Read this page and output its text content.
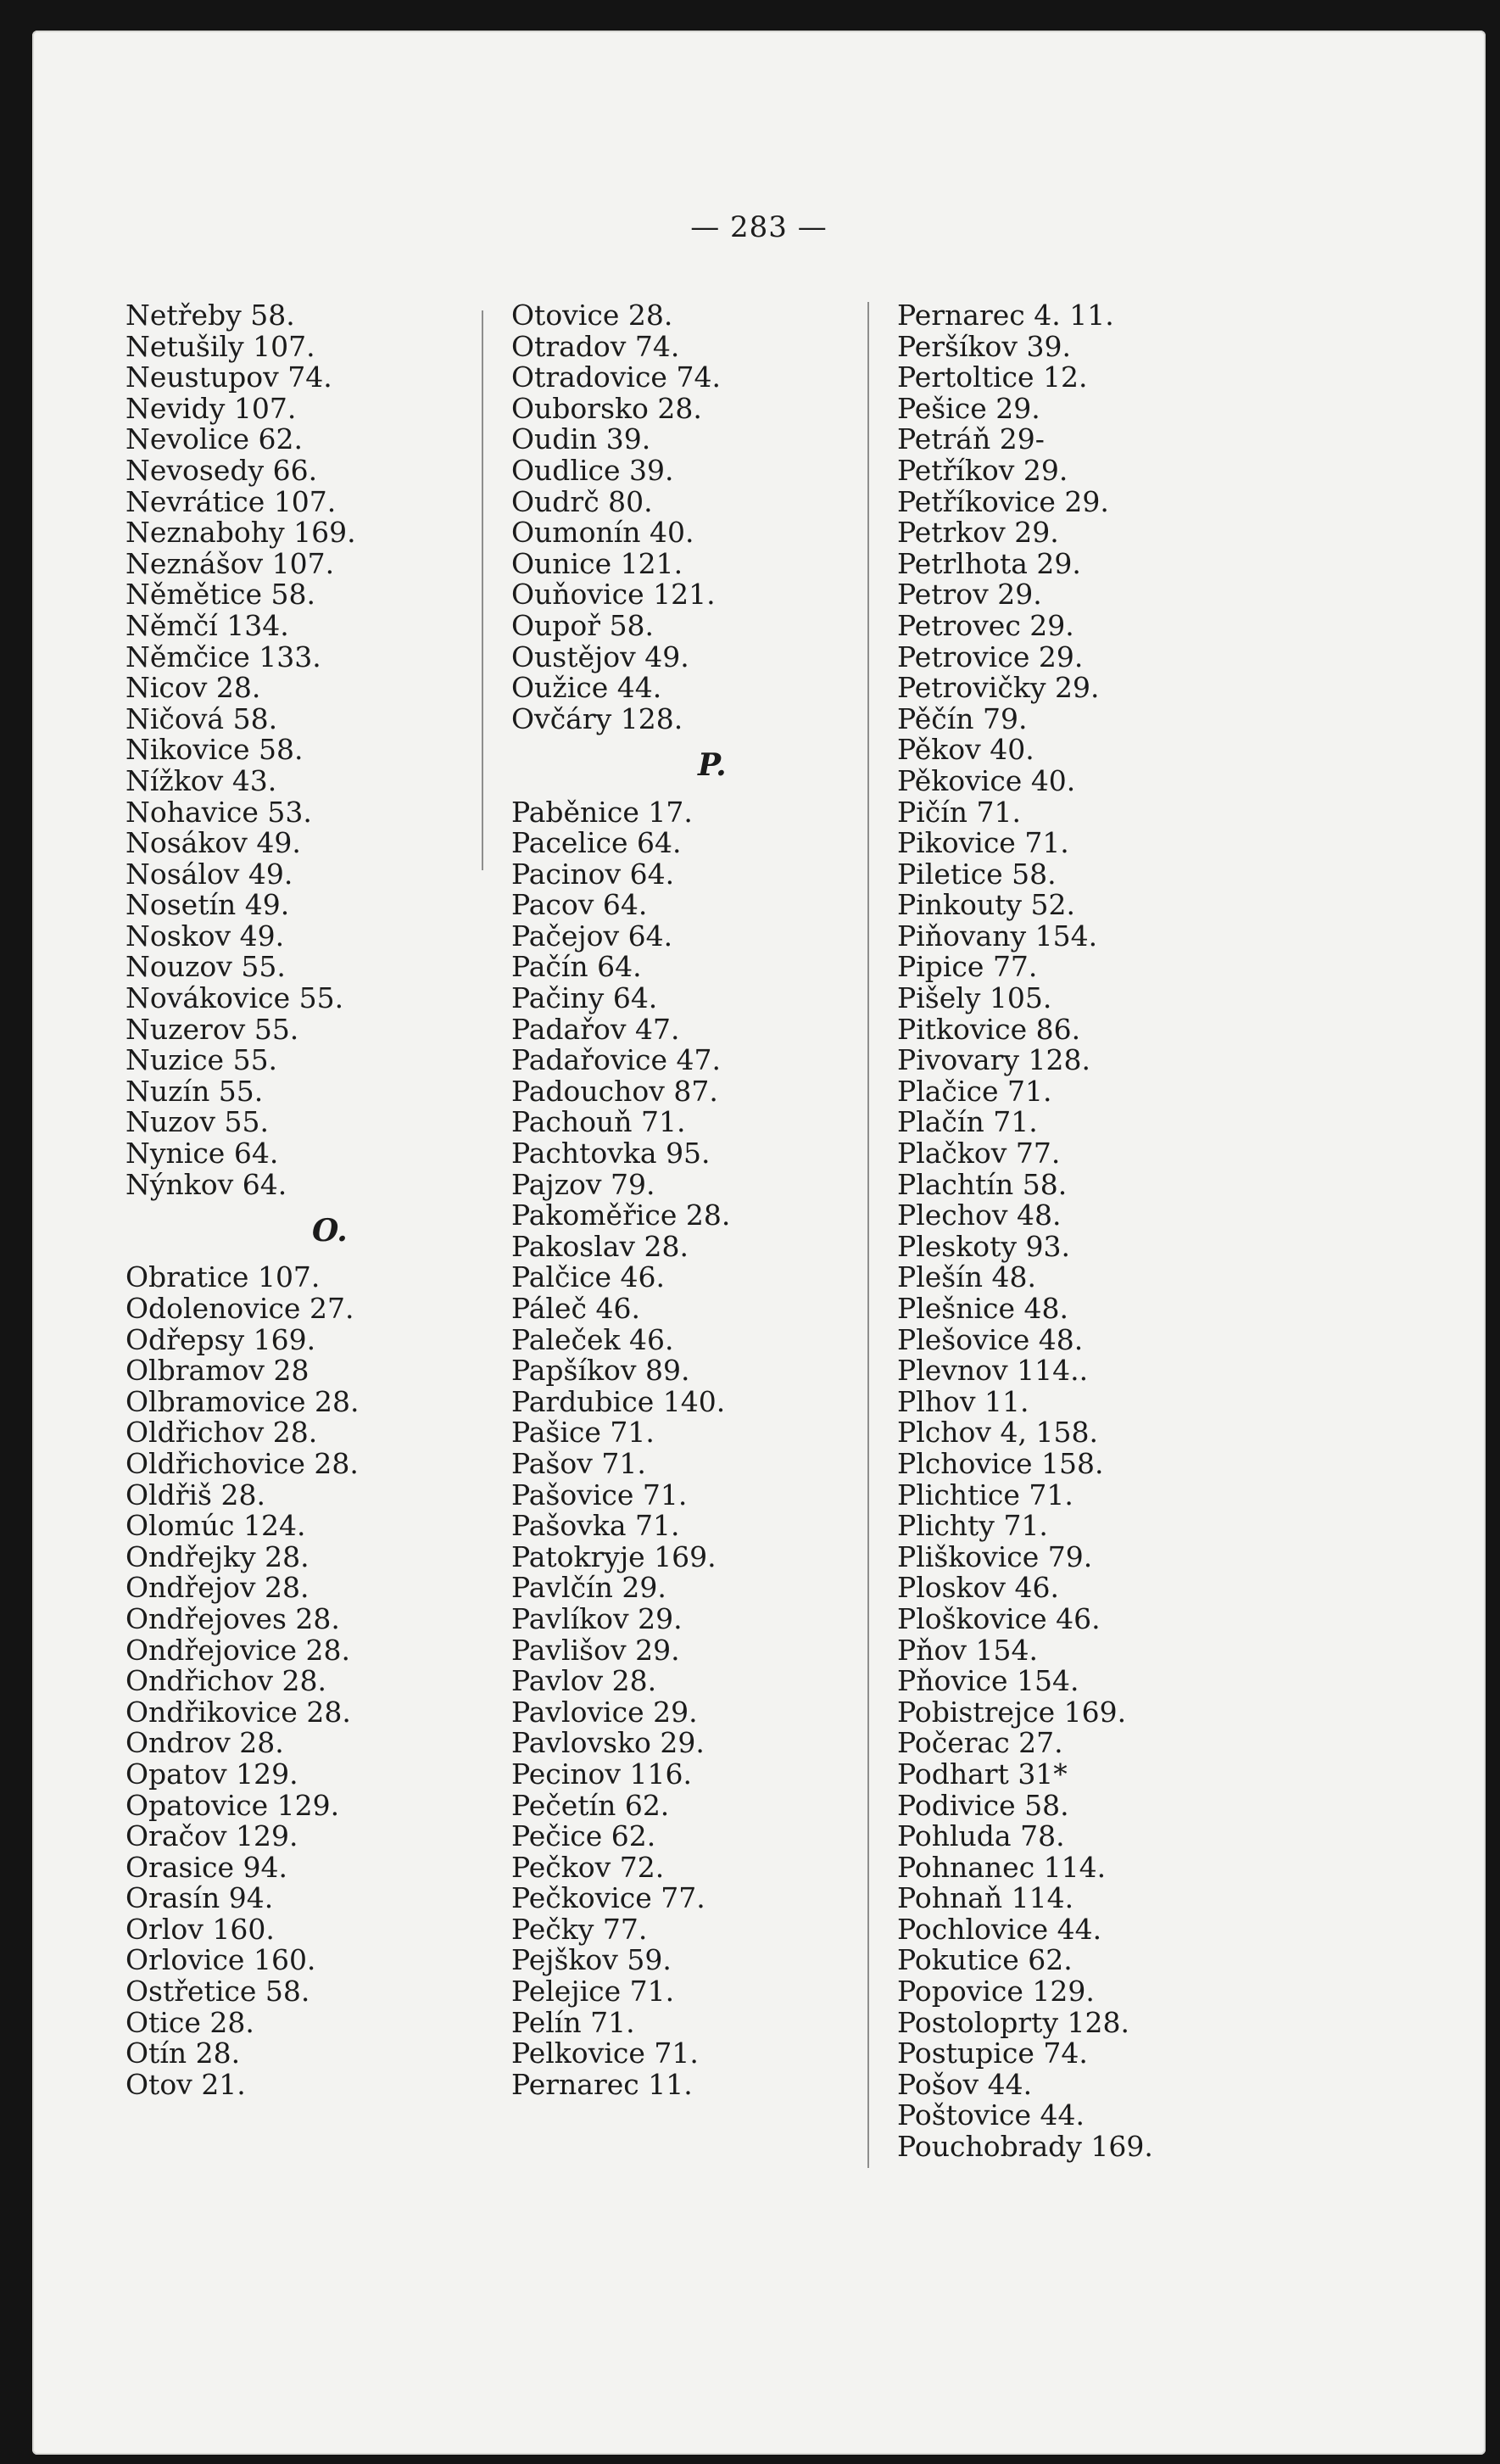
— 283 —
Netřeby 58.
Netušily 107.
Neustupov 74.
Nevidy 107.
Nevolice 62.
Nevosedy 66.
Nevrátice 107.
Neznabohy 169.
Neznášov 107.
Němětice 58.
Němčí 134.
Němčice 133.
Nicov 28.
Ničová 58.
Nikovice 58.
Nížkov 43.
Nohavice 53.
Nosákov 49.
Nosálov 49.
Nosetín 49.
Noskov 49.
Nouzov 55.
Novákovice 55.
Nuzerov 55.
Nuzice 55.
Nuzín 55.
Nuzov 55.
Nynice 64.
Nýnkov 64.
O.
Obratice 107.
Odolenovice 27.
Odřepsy 169.
Olbramov 28
Olbramovice 28.
Oldřichov 28.
Oldřichovice 28.
Oldřiš 28.
Olomúc 124.
Ondřejky 28.
Ondřejov 28.
Ondřejoves 28.
Ondřejovice 28.
Ondřichov 28.
Ondřikovice 28.
Ondrov 28.
Opatov 129.
Opatovice 129.
Oračov 129.
Orasice 94.
Orasín 94.
Orlov 160.
Orlovice 160.
Ostřetice 58.
Otice 28.
Otín 28.
Otov 21.
Otovice 28.
Otradov 74.
Otradovice 74.
Ouborsko 28.
Oudin 39.
Oudlice 39.
Oudrč 80.
Oumonín 40.
Ounice 121.
Ouňovice 121.
Oupoř 58.
Oustějov 49.
Oužice 44.
Ovčáry 128.
P.
Paběnice 17.
Pacelice 64.
Pacinov 64.
Pacov 64.
Pačejov 64.
Pačín 64.
Pačiny 64.
Padařov 47.
Padařovice 47.
Padouchov 87.
Pachouň 71.
Pachtovka 95.
Pajzov 79.
Pakoměřice 28.
Pakoslav 28.
Palčice 46.
Páleč 46.
Paleček 46.
Papšíkov 89.
Pardubice 140.
Pašice 71.
Pašov 71.
Pašovice 71.
Pašovka 71.
Patokryje 169.
Pavlčín 29.
Pavlíkov 29.
Pavlišov 29.
Pavlov 28.
Pavlovice 29.
Pavlovsko 29.
Pecinov 116.
Pečetín 62.
Pečice 62.
Pečkov 72.
Pečkovice 77.
Pečky 77.
Pejškov 59.
Pelejice 71.
Pelín 71.
Pelkovice 71.
Pernarec 11.
Pernarec 4. 11.
Peršíkov 39.
Pertoltice 12.
Pešice 29.
Petráň 29-
Petříkov 29.
Petříkovice 29.
Petrkov 29.
Petrlhota 29.
Petrov 29.
Petrovec 29.
Petrovice 29.
Petrovičky 29.
Pěčín 79.
Pěkov 40.
Pěkovice 40.
Pičín 71.
Pikovice 71.
Piletice 58.
Pinkouty 52.
Piňovany 154.
Pipice 77.
Pišely 105.
Pitkovice 86.
Pivovary 128.
Plačice 71.
Plačín 71.
Plačkov 77.
Plachtín 58.
Plechov 48.
Pleskoty 93.
Plešín 48.
Plešnice 48.
Plešovice 48.
Plevnov 114..
Plhov 11.
Plchov 4, 158.
Plchovice 158.
Plichtice 71.
Plichty 71.
Pliškovice 79.
Ploskov 46.
Ploškovice 46.
Pňov 154.
Pňovice 154.
Pobistrejce 169.
Počerac 27.
Podhart 31*
Podivice 58.
Pohluda 78.
Pohnanec 114.
Pohnaň 114.
Pochlovice 44.
Pokutice 62.
Popovice 129.
Postoloprty 128.
Postupice 74.
Pošov 44.
Poštovice 44.
Pouchobrady 169.
